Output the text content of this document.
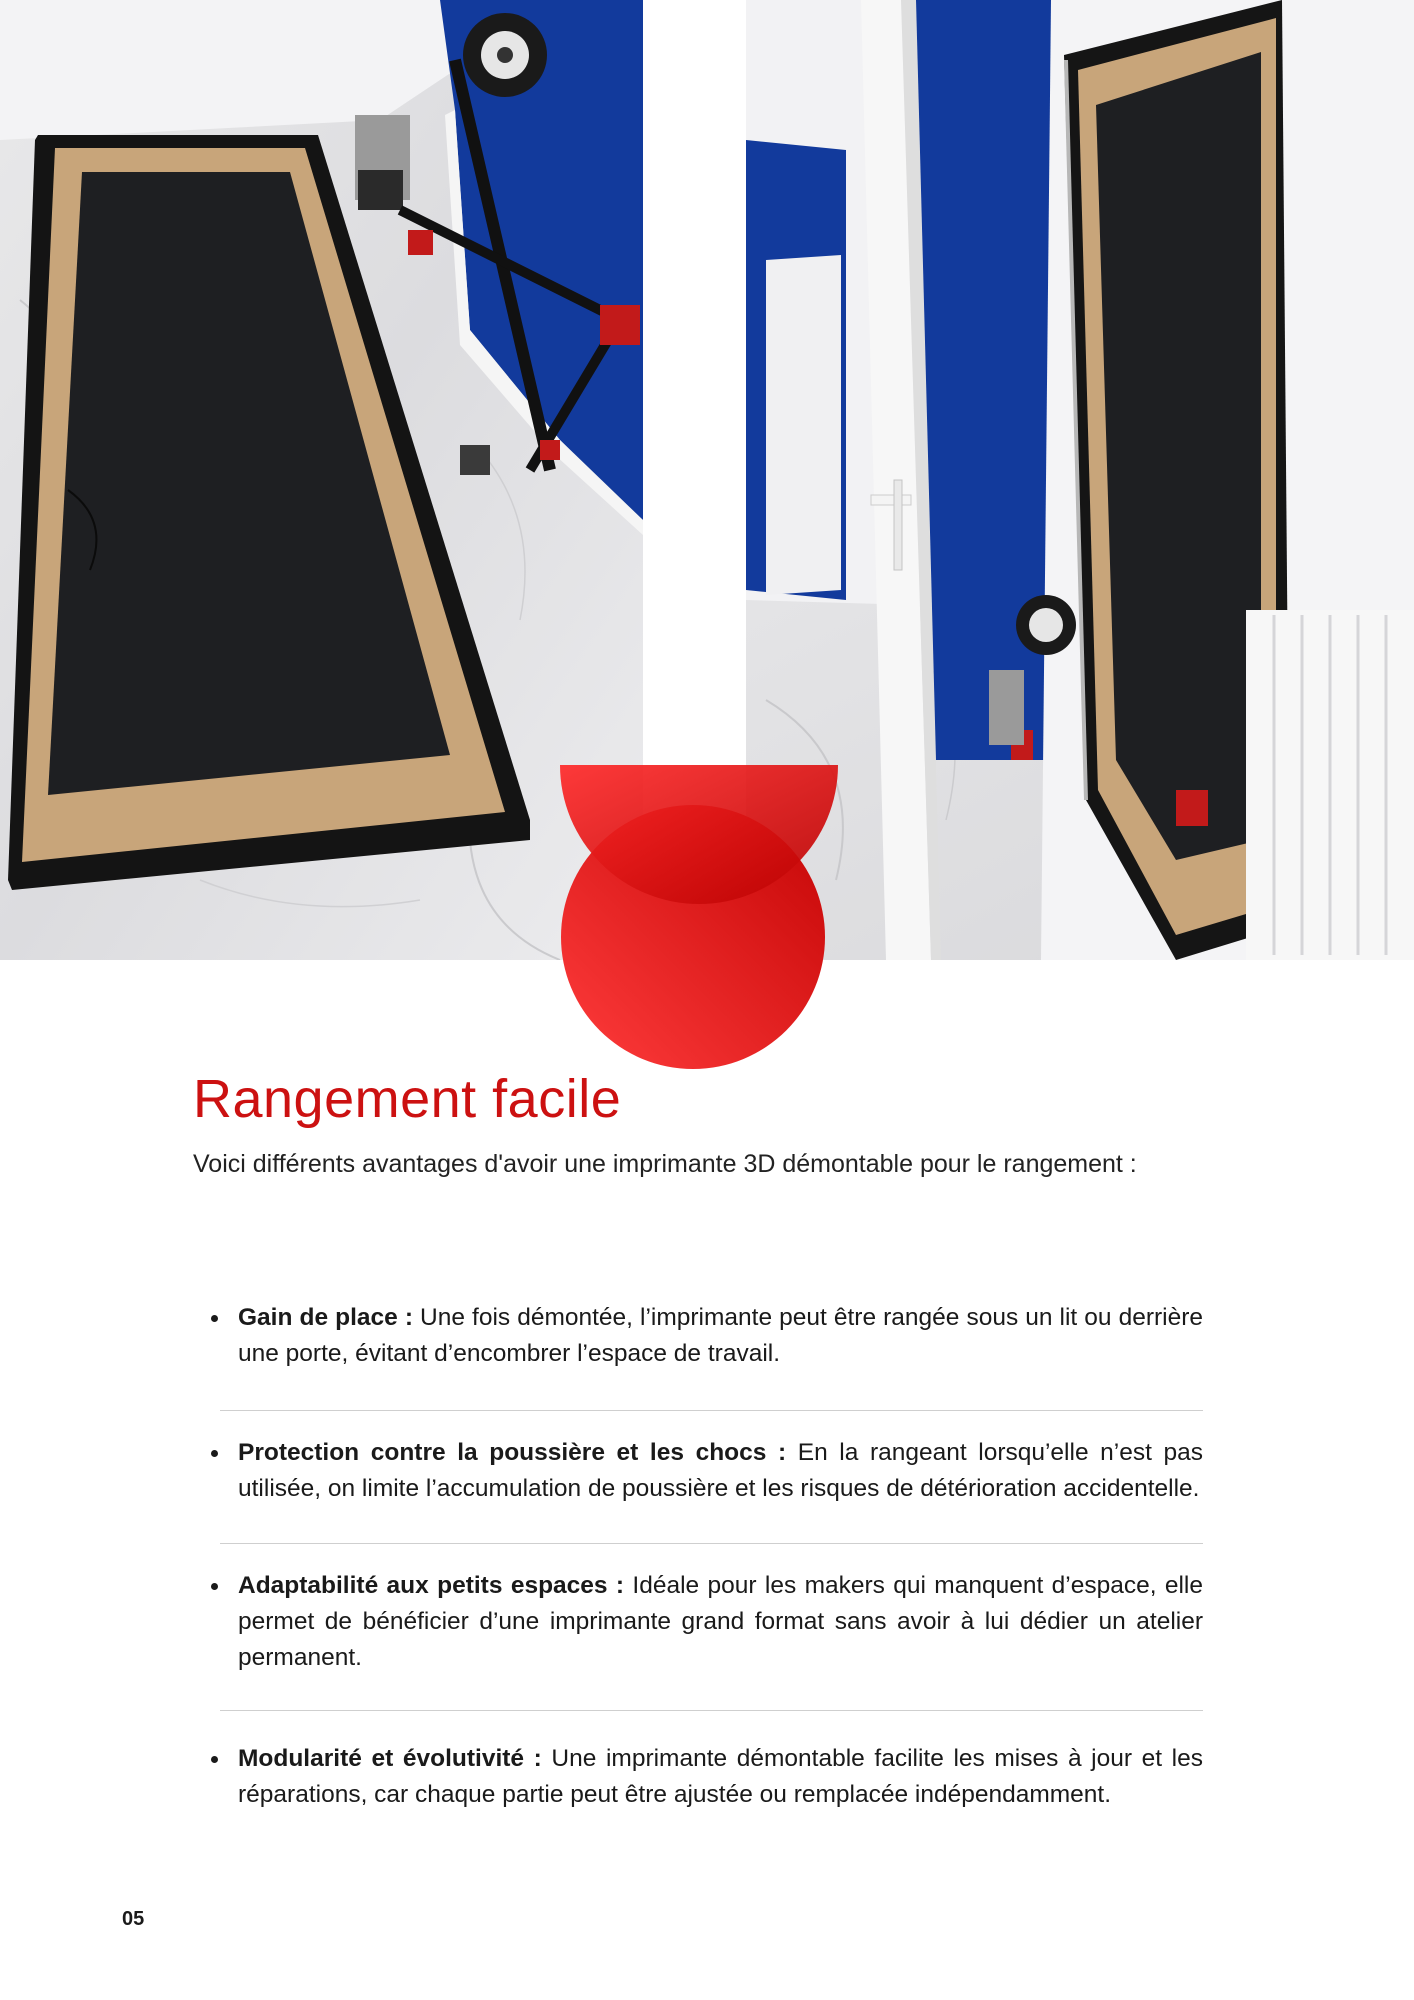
Rangement facile

Voici différents avantages d'avoir une imprimante 3D démontable pour le rangement :

Gain de place : Une fois démontée, l’imprimante peut être rangée sous un lit ou derrière une porte, évitant d’encombrer l’espace de travail.
Protection contre la poussière et les chocs : En la rangeant lorsqu’elle n’est pas utilisée, on limite l’accumulation de poussière et les risques de détérioration accidentelle.
Adaptabilité aux petits espaces : Idéale pour les makers qui manquent d’espace, elle permet de bénéficier d’une imprimante grand format sans avoir à lui dédier un atelier permanent.
Modularité et évolutivité : Une imprimante démontable facilite les mises à jour et les réparations, car chaque partie peut être ajustée ou remplacée indépendamment.
05
